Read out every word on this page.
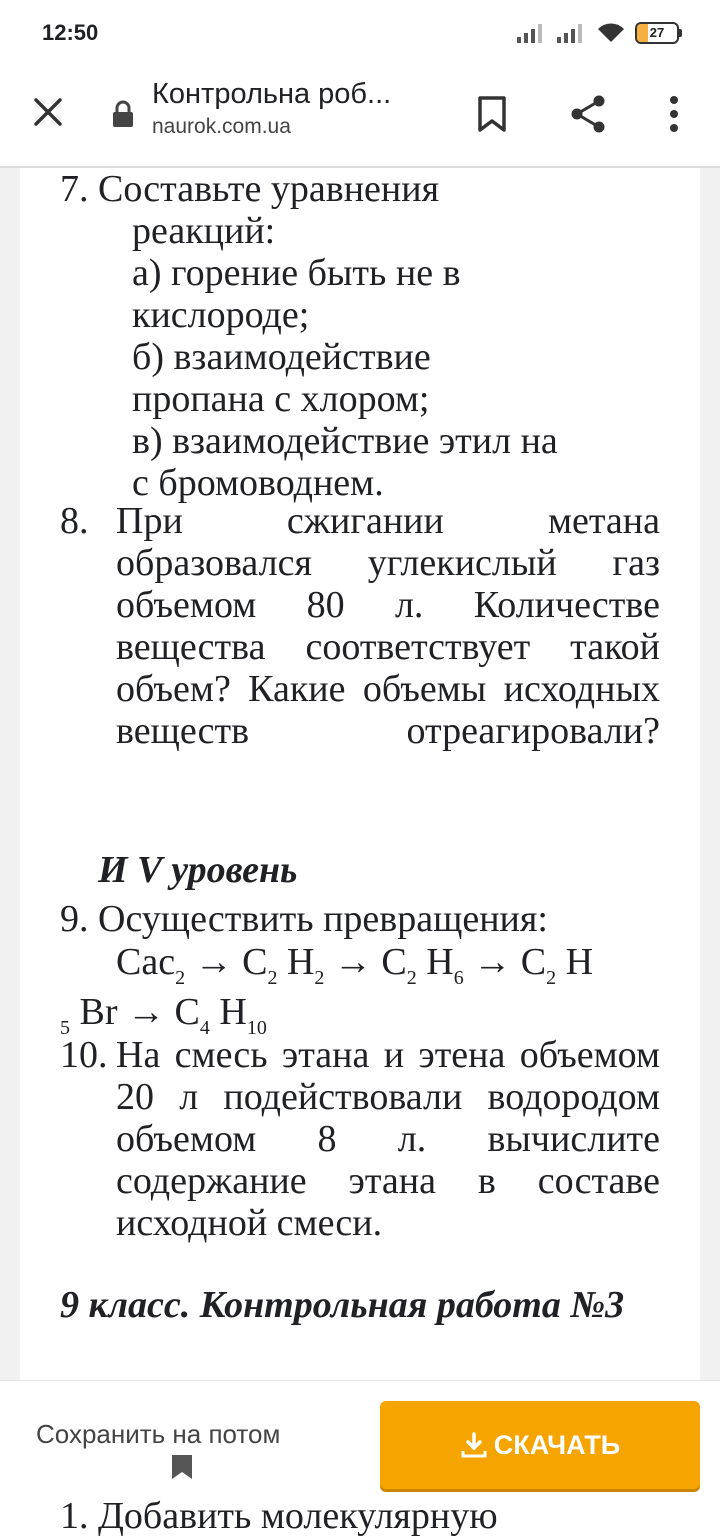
12:50	27
Контрольна роб...
naurok.com.ua

7. Составьте уравнения

реакций:

а) горение быть не в

кислороде;

б) взаимодействие

пропана с хлором;

в) взаимодействие этил на

с бромоводнем.

8. При сжигании метана образовался углекислый газ объемом 80 л. Количестве вещества соответствует такой объем? Какие объемы исходных веществ отреагировали?

И V уровень

9. Осуществить превращения:

$Cac_2 \to C_2$ $H_2 \to C_2$ $H_6 \to C_2$ H
$_5$ $Br \to C_4$ $H_{10}$

10. На смесь этана и этена объемом 20 л подействовали водородом объемом 8 л. вычислите содержание этана в составе исходной смеси.

9 класс. Контрольная работа №3
Сохранить на потом	СКАЧАТЬ
1. Добавить молекулярную
